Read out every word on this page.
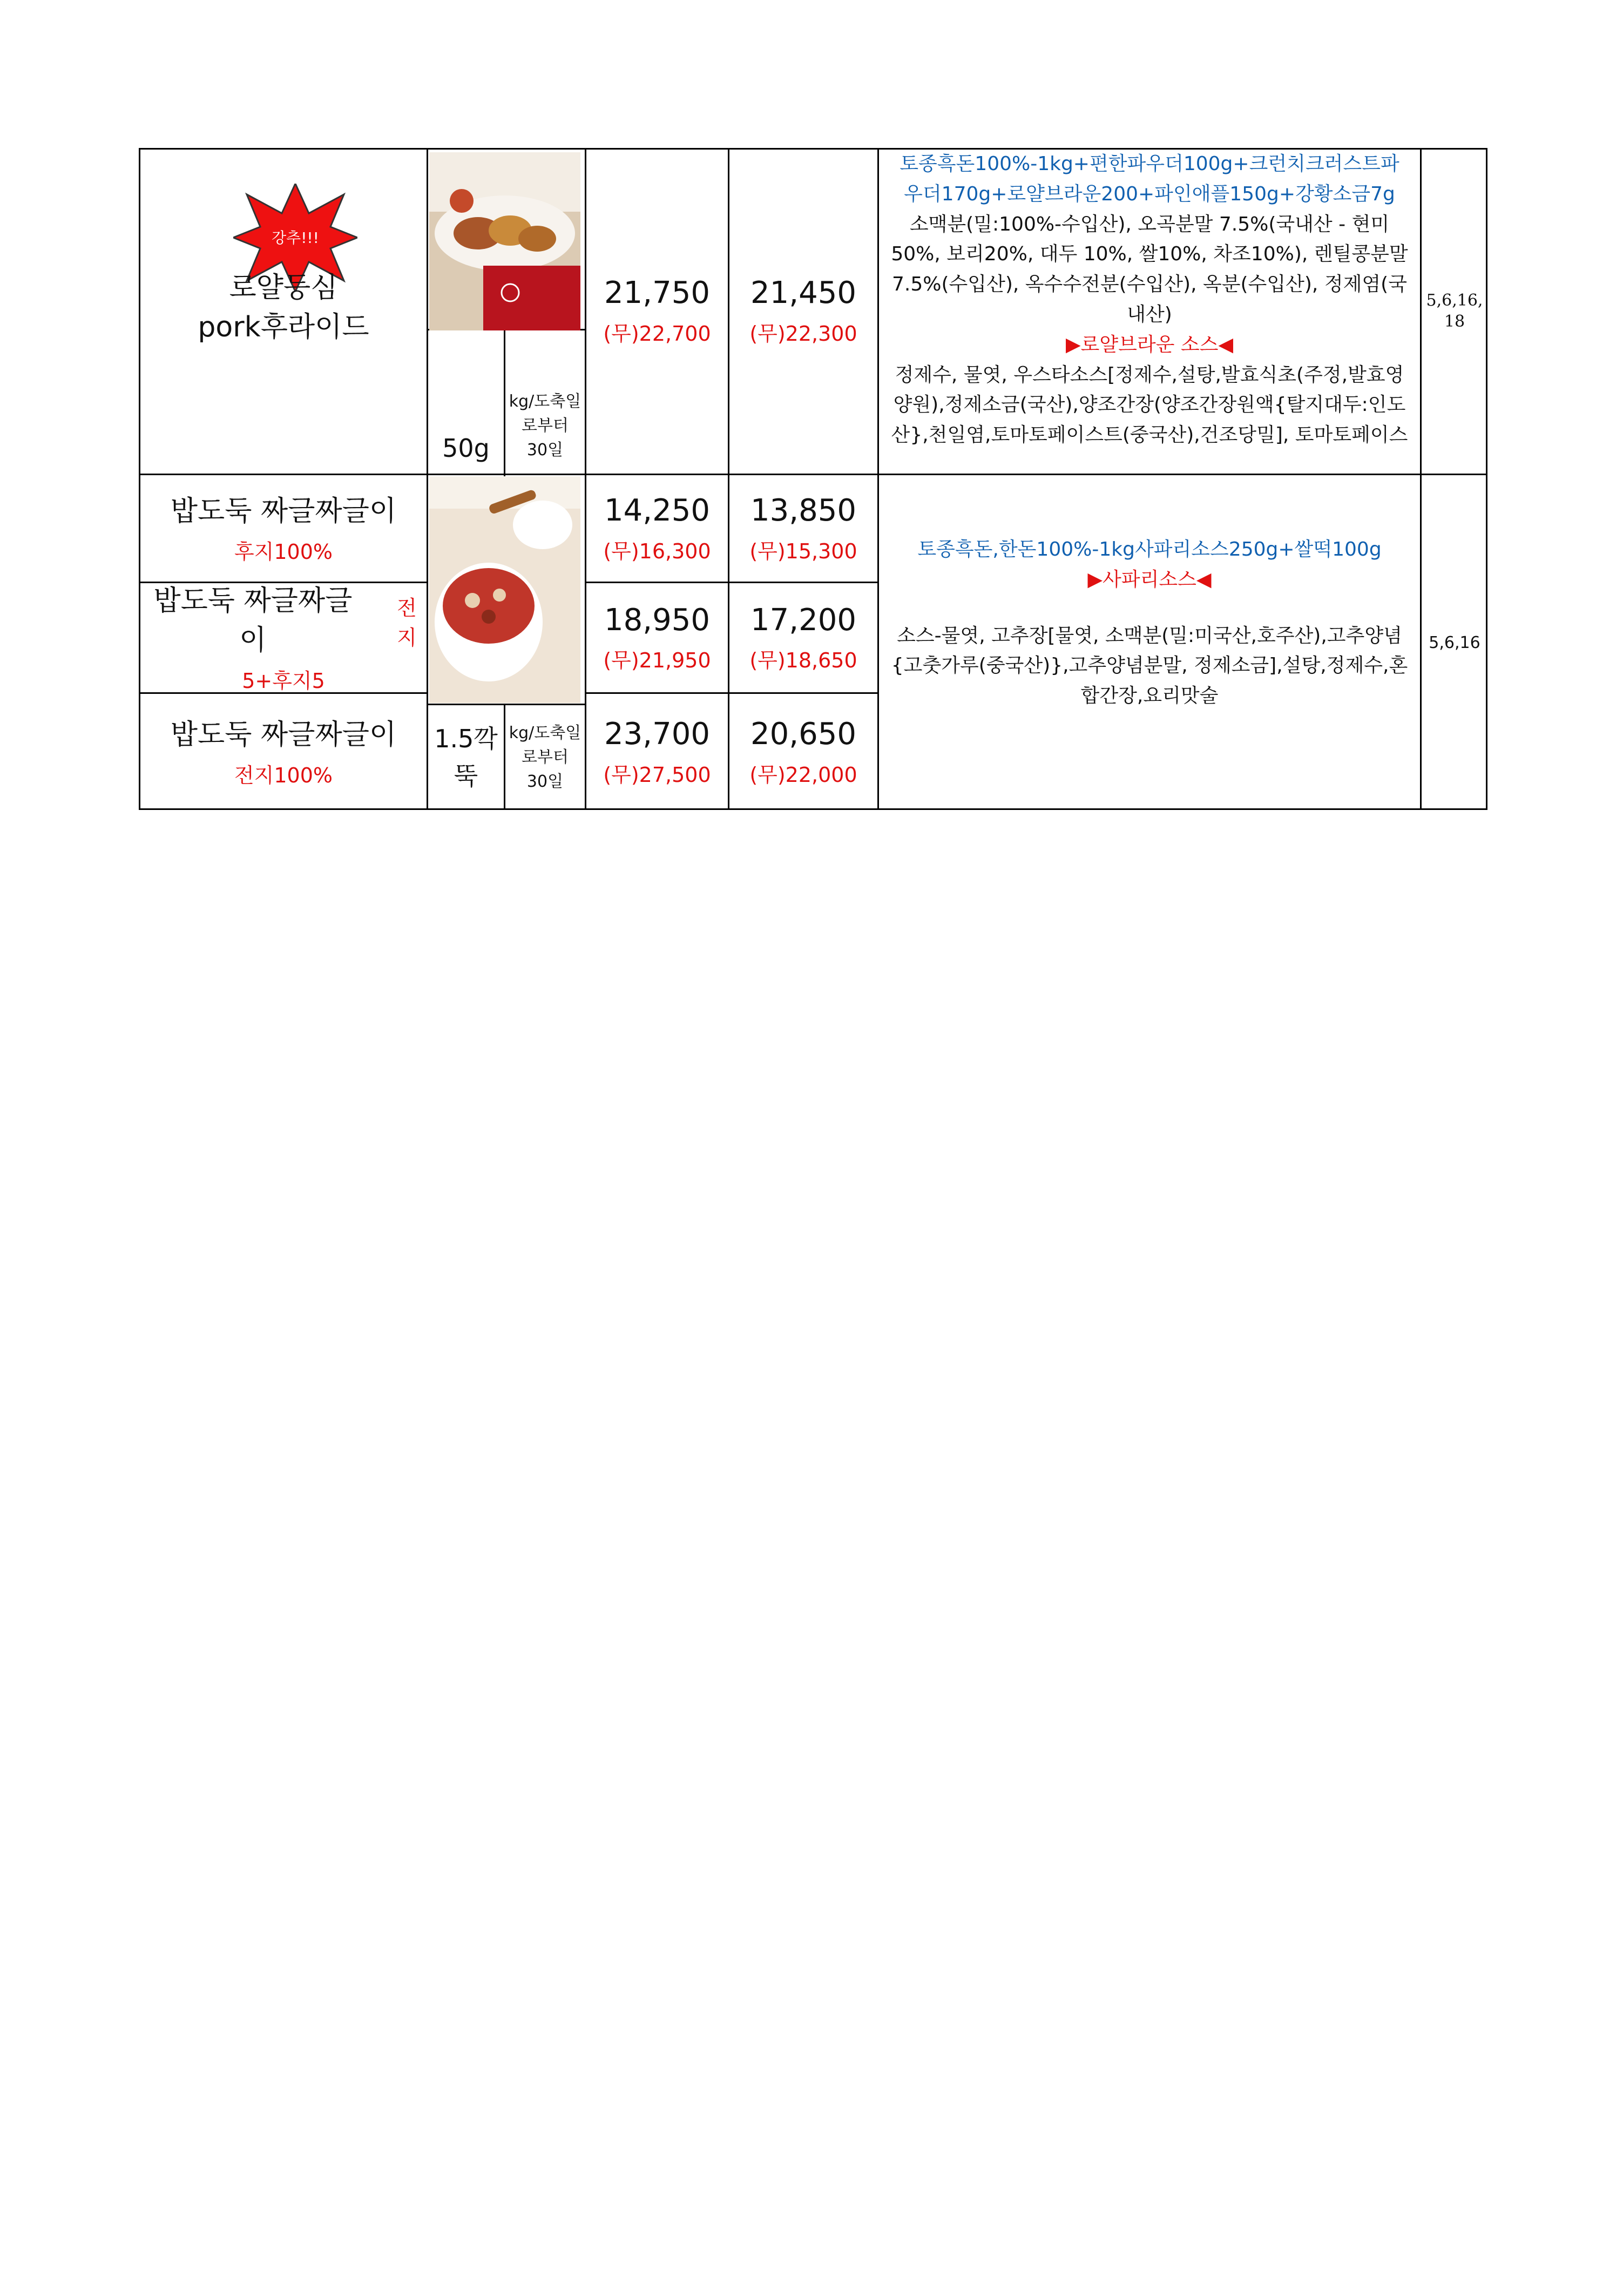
강추!!!
로얄등심
pork후라이드
50g
kg/도축일
로부터
30일
21,750
(무)22,700
21,450
(무)22,300
토종흑돈100%-1kg+편한파우더100g+크런치크러스트파
우더170g+로얄브라운200+파인애플150g+강황소금7g
소맥분(밀:100%-수입산), 오곡분말 7.5%(국내산 - 현미
50%, 보리20%, 대두 10%, 쌀10%, 차조10%), 렌틸콩분말
7.5%(수입산), 옥수수전분(수입산), 옥분(수입산), 정제염(국
내산)
▶로얄브라운 소스◀
정제수, 물엿, 우스타소스[정제수,설탕,발효식초(주정,발효영
양원),정제소금(국산),양조간장(양조간장원액{탈지대두:인도
산},천일염,토마토페이스트(중국산),건조당밀], 토마토페이스
5,6,16,
18
밥도둑 짜글짜글이
후지100%
밥도둑 짜글짜글이
전지
5+후지5
밥도둑 짜글짜글이
전지100%
1.5깍
뚝
kg/도축일
로부터
30일
14,250
(무)16,300
13,850
(무)15,300
18,950
(무)21,950
17,200
(무)18,650
23,700
(무)27,500
20,650
(무)22,000
토종흑돈,한돈100%-1kg사파리소스250g+쌀떡100g
▶사파리소스◀
소스-물엿, 고추장[물엿, 소맥분(밀:미국산,호주산),고추양념
{고춧가루(중국산)},고추양념분말, 정제소금],설탕,정제수,혼
합간장,요리맛술
5,6,16
